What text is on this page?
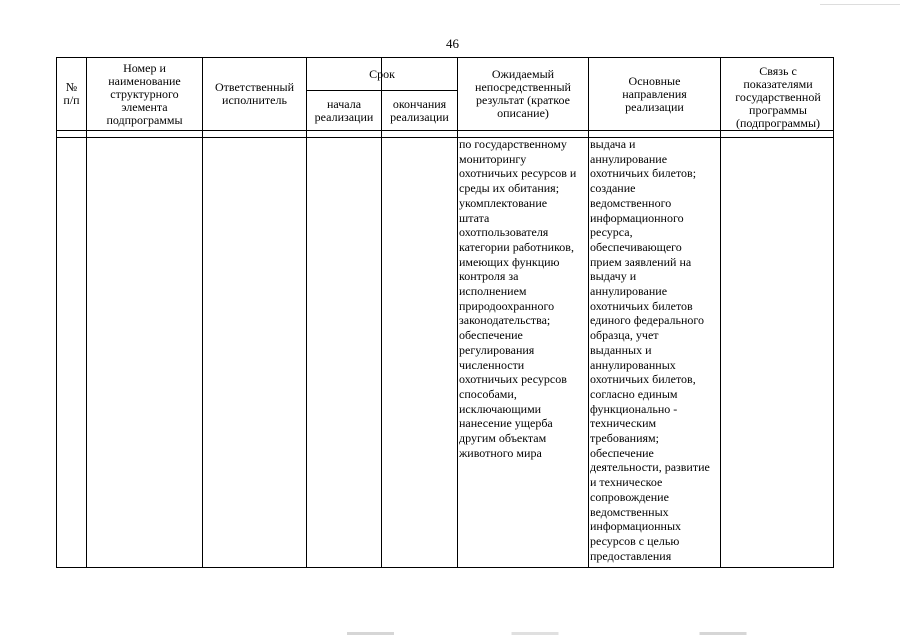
46
№
п/п
Номер и
наименование
структурного
элемента
подпрограммы
Ответственный
исполнитель
Срок
начала
реализации
окончания
реализации
Ожидаемый
непосредственный
результат (краткое
описание)
Основные
направления
реализации
Связь с
показателями
государственной
программы
(подпрограммы)
по государственному
мониторингу
охотничьих ресурсов и
среды их обитания;
укомплектование
штата
охотпользователя
категории работников,
имеющих функцию
контроля за
исполнением
природоохранного
законодательства;
обеспечение
регулирования
численности
охотничьих ресурсов
способами,
исключающими
нанесение ущерба
другим объектам
животного мира
выдача и
аннулирование
охотничьих билетов;
создание
ведомственного
информационного
ресурса,
обеспечивающего
прием заявлений на
выдачу и
аннулирование
охотничьих билетов
единого федерального
образца, учет
выданных и
аннулированных
охотничьих билетов,
согласно единым
функционально -
техническим
требованиям;
обеспечение
деятельности, развитие
и техническое
сопровождение
ведомственных
информационных
ресурсов с целью
предоставления
